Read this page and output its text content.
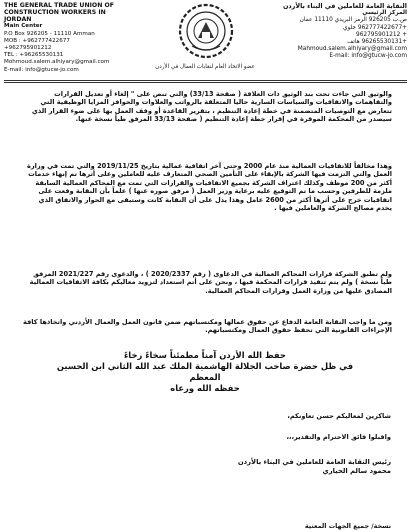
THE GENERAL TRADE UNION OF
CONSTRUCTION WORKERS IN
JORDAN
Main Center
P.O Box 926205 - 11110 Amman
MOB : +962777422677
+962795901212
TEL : +96265530131
Mohmoud.salem.alhiyary@gmail.com
E-mail: info@gtucw-jo.com	عضو الاتحاد العام لنقابات العمال في الأردن
النقابة العامة للعاملين في البناء بالأردن
المركز الرئيسي
ص.ب 926205 الرمز البريدي 11110 عمان
+962777422677 خلوي
+ 962795901212
+96265530131 هاتف
Mahmoud.salem.alhiyary@gmail.com
E-mail: info@gtucw-jo.com

والوثيق التي جاءت تحت بند الوثيق ذات العلاقة ( صفحة 33/13) والتي تنص على " إلغاء أو تعديل القرارات والتفاهمات والاتفاقيات والسياسات السارية حاليا المتعلقة بالرواتب والعلاوات والحوافز المزايا الوظيفية التي تتعارض مع التوصيات المتضمنة في خطة إعادة التنظيم ، بتقرير القاعدة أو وقف العمل بها على ضوء القرار الذي سيصدر من المحكمة الموقرة في إقرار خطة إعادة التنظيم ( صفحة 33/13 المرفق طياً نسخة عنها.

وهذا مخالفاً للاتفاقيات العمالية منذ عام 2000 وحتى آخر اتفاقية عمالية بتاريخ 2019/11/25 والتي تمت في وزارة العمل والتي التزمت فيها الشركة بالإبقاء على التأمين الصحي المتعارف عليه للعاملين وعلى أثرها تم إنهاء خدمات أكثر من 200 موظف وكذلك اعتراف الشركة بجميع الاتفاقيات والقرارات التي تمت مع المحاكم العمالية السابقة ملزمة للطرفين وحسب ما تم التوقيع عليه برعاية وزير العمل ( مرفق صوره عنها ) علماً بأن النقابة وقعت على اتفاقيات خرج على أثرها أكثر من 2600 عامل وهذا يدل على أن النقابة كانت وستبقى مع الحوار والاتفاق الذي يخدم مصالح الشركة والعاملين فيها .

ولم تطبق الشركة قرارات المحاكم العمالية في الدعاوى ( رقم 2020/2337 ) ، والدعوى رقم 2021/227 المرفق طياً نسخة ) ولم يتم تنفيذ قرارات المحكمة فيها ، ونحن على أتم استعداد لتزويد معاليكم بكافة الاتفاقيات العمالية المصادق عليها من وزارة العمل وقرارات المحاكم العمالية.

ومن ما واجب النقابة العامة الدفاع عن حقوق عمالها ومكتسباتهم ضمن قانون العمل والعمال الأردني واتخاذها كافة الإجراءات القانونية التي تحفظ حقوق العمال ومكتسباتهم.

حفظ الله الأردن آمناً مطمئناً سخاءً رخاءً
في ظل حضرة صاحب الجلالة الهاشمية الملك عبد الله الثاني ابن الحسين
المعظم
حفظه الله ورعاه
شاكرين لمعاليكم حسن تعاونكم،
واقبلوا فائق الاحترام والتقدير،،،
رئيس النقابة العامة للعاملين في البناء بالأردن
محمود سالم الحياري
نسخة/ جميع الجهات المعنية
